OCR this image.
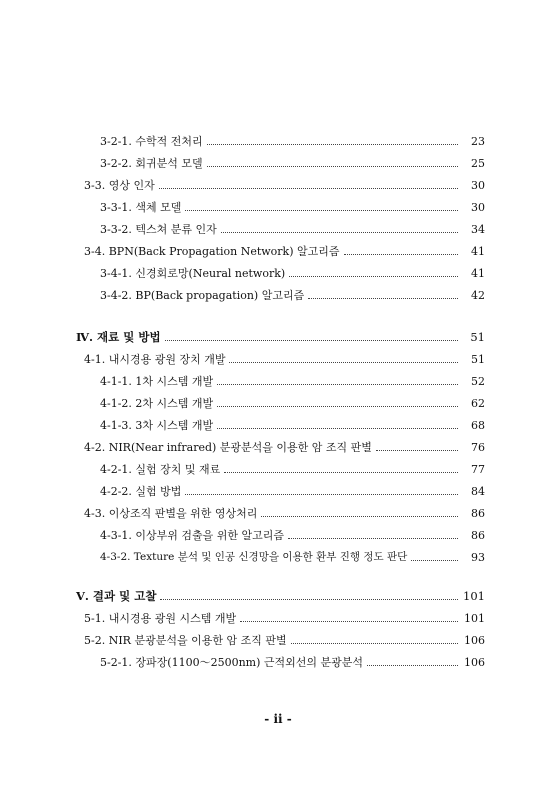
3-2-1. 수학적 전처리	23
3-2-2. 회귀분석 모델	25
3-3. 영상 인자	30
3-3-1. 색체 모델	30
3-3-2. 텍스쳐 분류 인자	34
3-4. BPN(Back Propagation Network) 알고리즘	41
3-4-1. 신경회로망(Neural network)	41
3-4-2. BP(Back propagation) 알고리즘	42
Ⅳ. 재료 및 방법	51
4-1. 내시경용 광원 장치 개발	51
4-1-1. 1차 시스템 개발	52
4-1-2. 2차 시스템 개발	62
4-1-3. 3차 시스템 개발	68
4-2. NIR(Near infrared) 분광분석을 이용한 암 조직 판별	76
4-2-1. 실험 장치 및 재료	77
4-2-2. 실험 방법	84
4-3. 이상조직 판별을 위한 영상처리	86
4-3-1. 이상부위 검출을 위한 알고리즘	86
4-3-2. Texture 분석 및 인공 신경망을 이용한 환부 진행 정도 판단	93
Ⅴ. 결과 및 고찰	101
5-1. 내시경용 광원 시스템 개발	101
5-2. NIR 분광분석을 이용한 암 조직 판별	106
5-2-1. 장파장(1100～2500nm) 근적외선의 분광분석	106
- ii -
